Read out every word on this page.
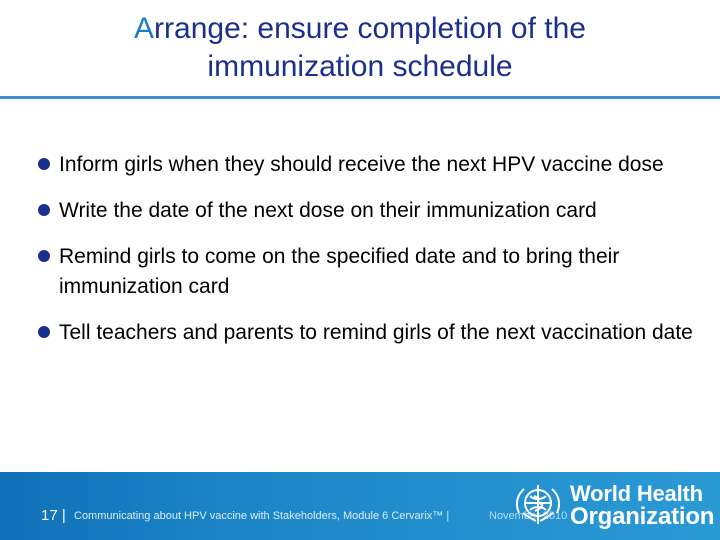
Arrange: ensure completion of the
immunization schedule
Inform girls when they should receive the next HPV vaccine dose
Write the date of the next dose on their immunization card
Remind girls to come on the specified date and to bring their immunization card
Tell teachers and parents to remind girls of the next vaccination date
17 | Communicating about HPV vaccine with Stakeholders, Module 6 Cervarix™ |	November 2010
World Health
Organization
